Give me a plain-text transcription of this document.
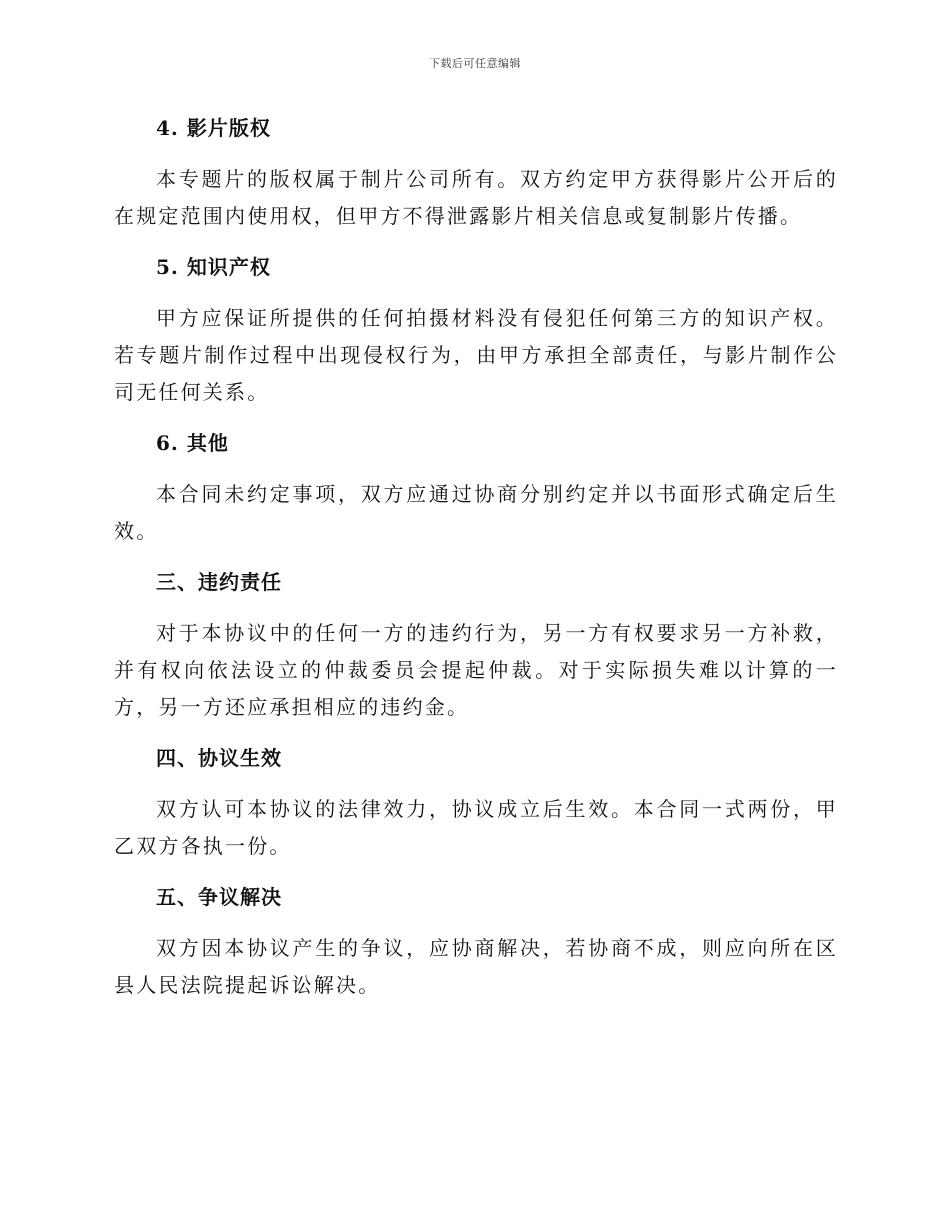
下载后可任意编辑
4. 影片版权
本专题片的版权属于制片公司所有。双方约定甲方获得影片公开后的在规定范围内使用权，但甲方不得泄露影片相关信息或复制影片传播。
5. 知识产权
甲方应保证所提供的任何拍摄材料没有侵犯任何第三方的知识产权。若专题片制作过程中出现侵权行为，由甲方承担全部责任，与影片制作公司无任何关系。
6. 其他
本合同未约定事项，双方应通过协商分别约定并以书面形式确定后生效。
三、违约责任
对于本协议中的任何一方的违约行为，另一方有权要求另一方补救，并有权向依法设立的仲裁委员会提起仲裁。对于实际损失难以计算的一方，另一方还应承担相应的违约金。
四、协议生效
双方认可本协议的法律效力，协议成立后生效。本合同一式两份，甲乙双方各执一份。
五、争议解决
双方因本协议产生的争议，应协商解决，若协商不成，则应向所在区县人民法院提起诉讼解决。
